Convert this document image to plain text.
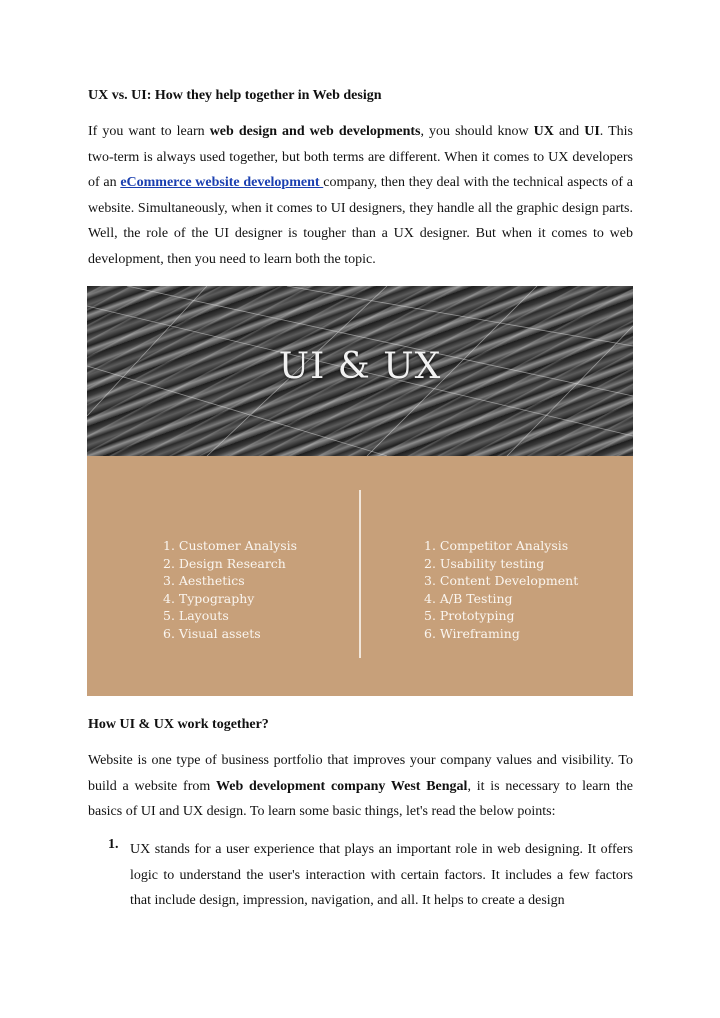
UX vs. UI: How they help together in Web design
If you want to learn web design and web developments, you should know UX and UI. This two-term is always used together, but both terms are different. When it comes to UX developers of an eCommerce website development company, then they deal with the technical aspects of a website. Simultaneously, when it comes to UI designers, they handle all the graphic design parts. Well, the role of the UI designer is tougher than a UX designer. But when it comes to web development, then you need to learn both the topic.
UI & UX
1. Customer Analysis
2. Design Research
3. Aesthetics
4. Typography
5. Layouts
6. Visual assets
1. Competitor Analysis
2. Usability testing
3. Content Development
4. A/B Testing
5. Prototyping
6. Wireframing
How UI & UX work together?
Website is one type of business portfolio that improves your company values and visibility. To build a website from Web development company West Bengal, it is necessary to learn the basics of UI and UX design. To learn some basic things, let's read the below points:
1. UX stands for a user experience that plays an important role in web designing. It offers logic to understand the user's interaction with certain factors. It includes a few factors that include design, impression, navigation, and all. It helps to create a design
